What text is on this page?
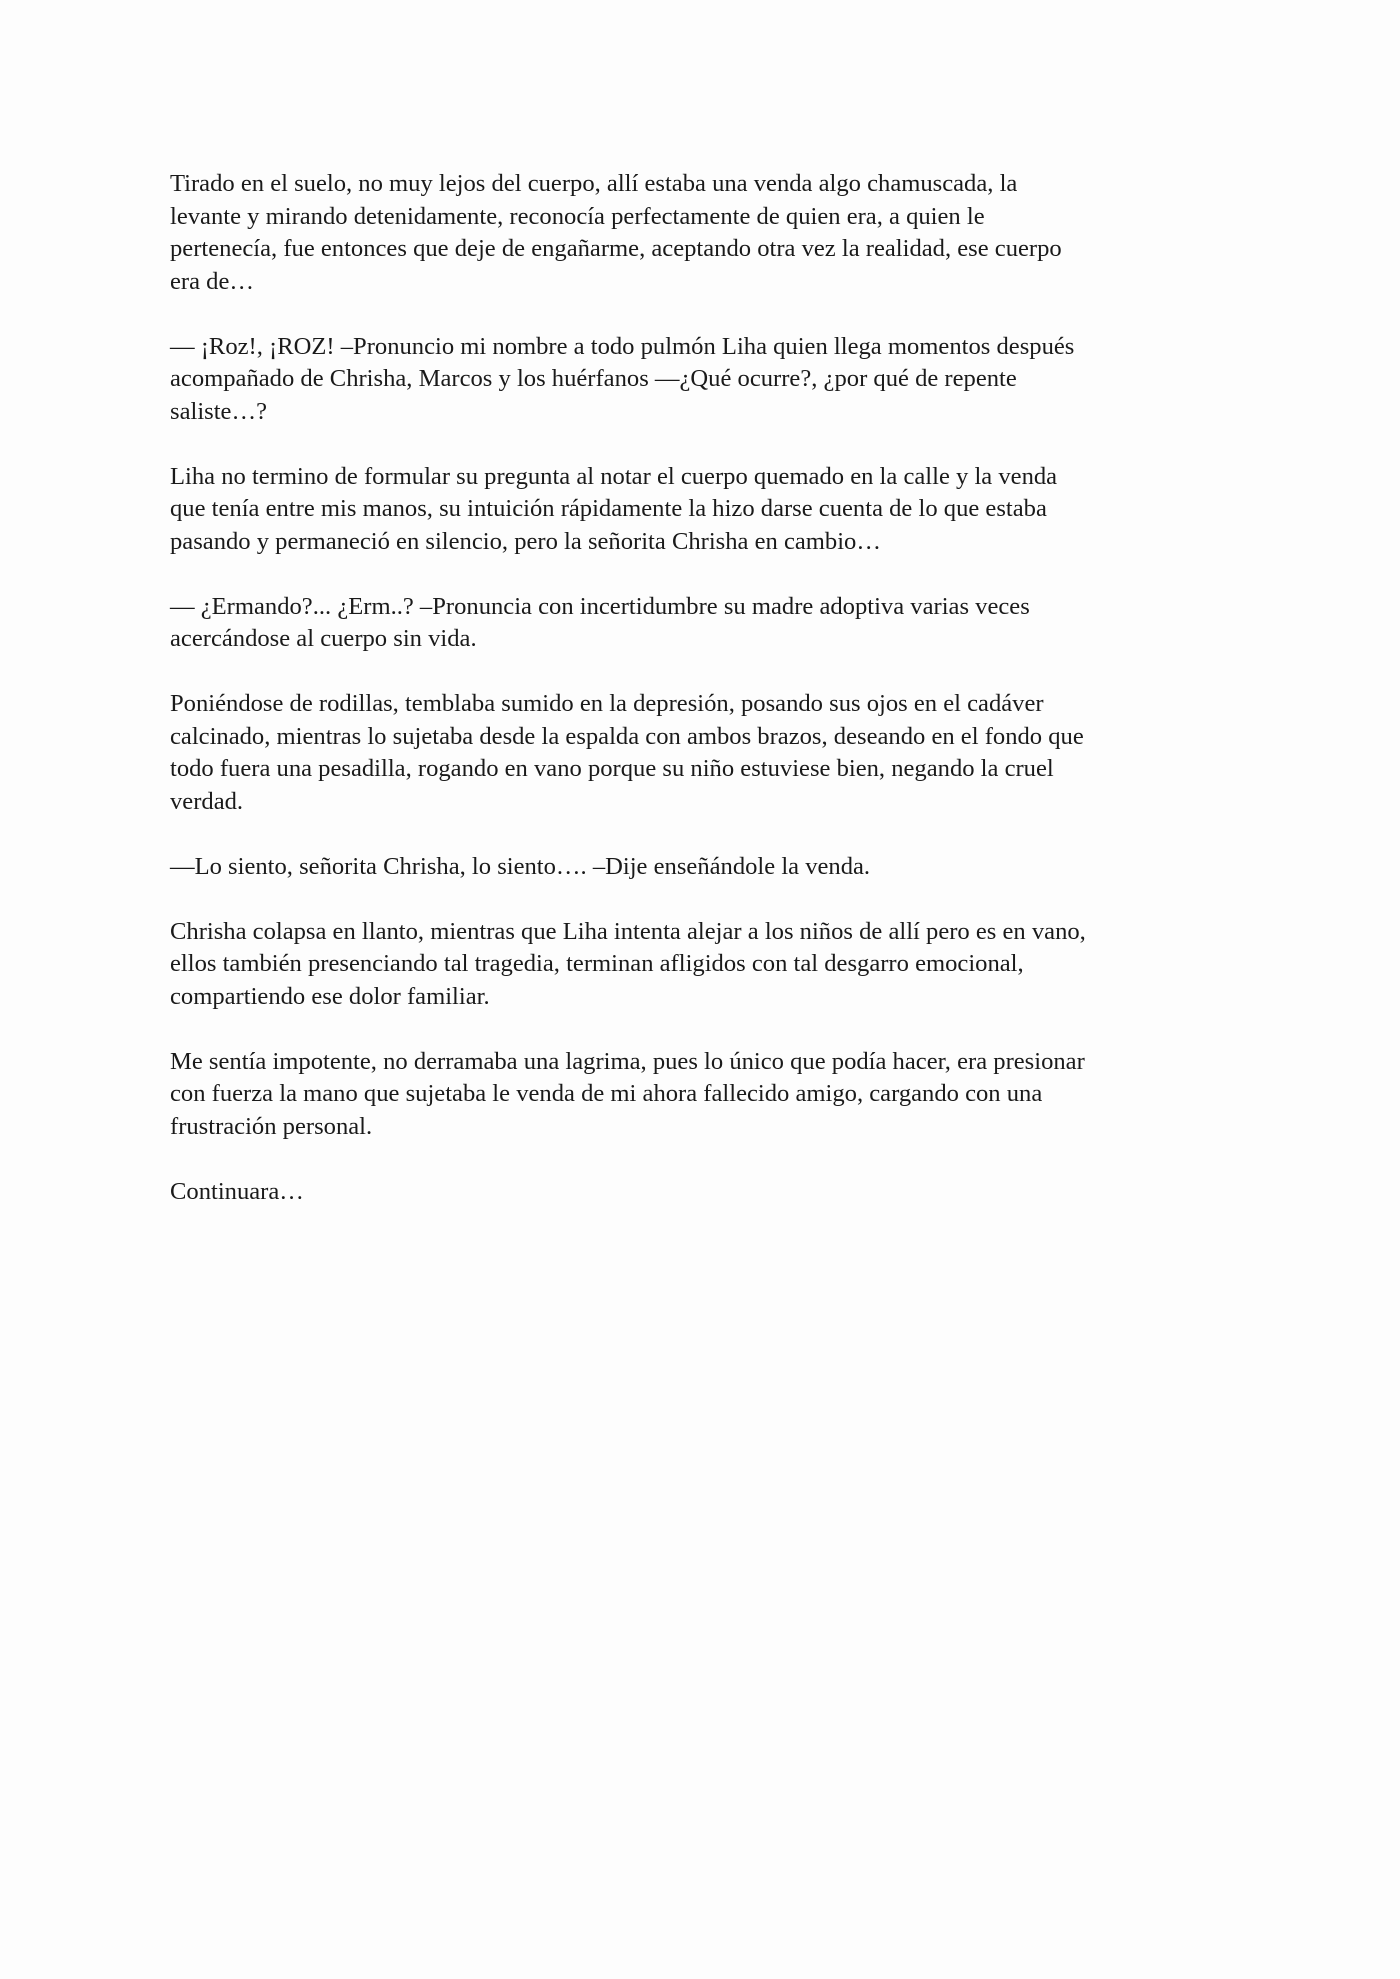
Tirado en el suelo, no muy lejos del cuerpo, allí estaba una venda algo chamuscada, la
levante y mirando detenidamente, reconocía perfectamente de quien era, a quien le
pertenecía, fue entonces que deje de engañarme, aceptando otra vez la realidad, ese cuerpo
era de…

— ¡Roz!, ¡ROZ! –Pronuncio mi nombre a todo pulmón Liha quien llega momentos después
acompañado de Chrisha, Marcos y los huérfanos —¿Qué ocurre?, ¿por qué de repente
saliste…?

Liha no termino de formular su pregunta al notar el cuerpo quemado en la calle y la venda
que tenía entre mis manos, su intuición rápidamente la hizo darse cuenta de lo que estaba
pasando y permaneció en silencio, pero la señorita Chrisha en cambio…

— ¿Ermando?... ¿Erm..? –Pronuncia con incertidumbre su madre adoptiva varias veces
acercándose al cuerpo sin vida.

Poniéndose de rodillas, temblaba sumido en la depresión, posando sus ojos en el cadáver
calcinado, mientras lo sujetaba desde la espalda con ambos brazos, deseando en el fondo que
todo fuera una pesadilla, rogando en vano porque su niño estuviese bien, negando la cruel
verdad.

—Lo siento, señorita Chrisha, lo siento…. –Dije enseñándole la venda.

Chrisha colapsa en llanto, mientras que Liha intenta alejar a los niños de allí pero es en vano,
ellos también presenciando tal tragedia, terminan afligidos con tal desgarro emocional,
compartiendo ese dolor familiar.

Me sentía impotente, no derramaba una lagrima, pues lo único que podía hacer, era presionar
con fuerza la mano que sujetaba le venda de mi ahora fallecido amigo, cargando con una
frustración personal.

Continuara…
